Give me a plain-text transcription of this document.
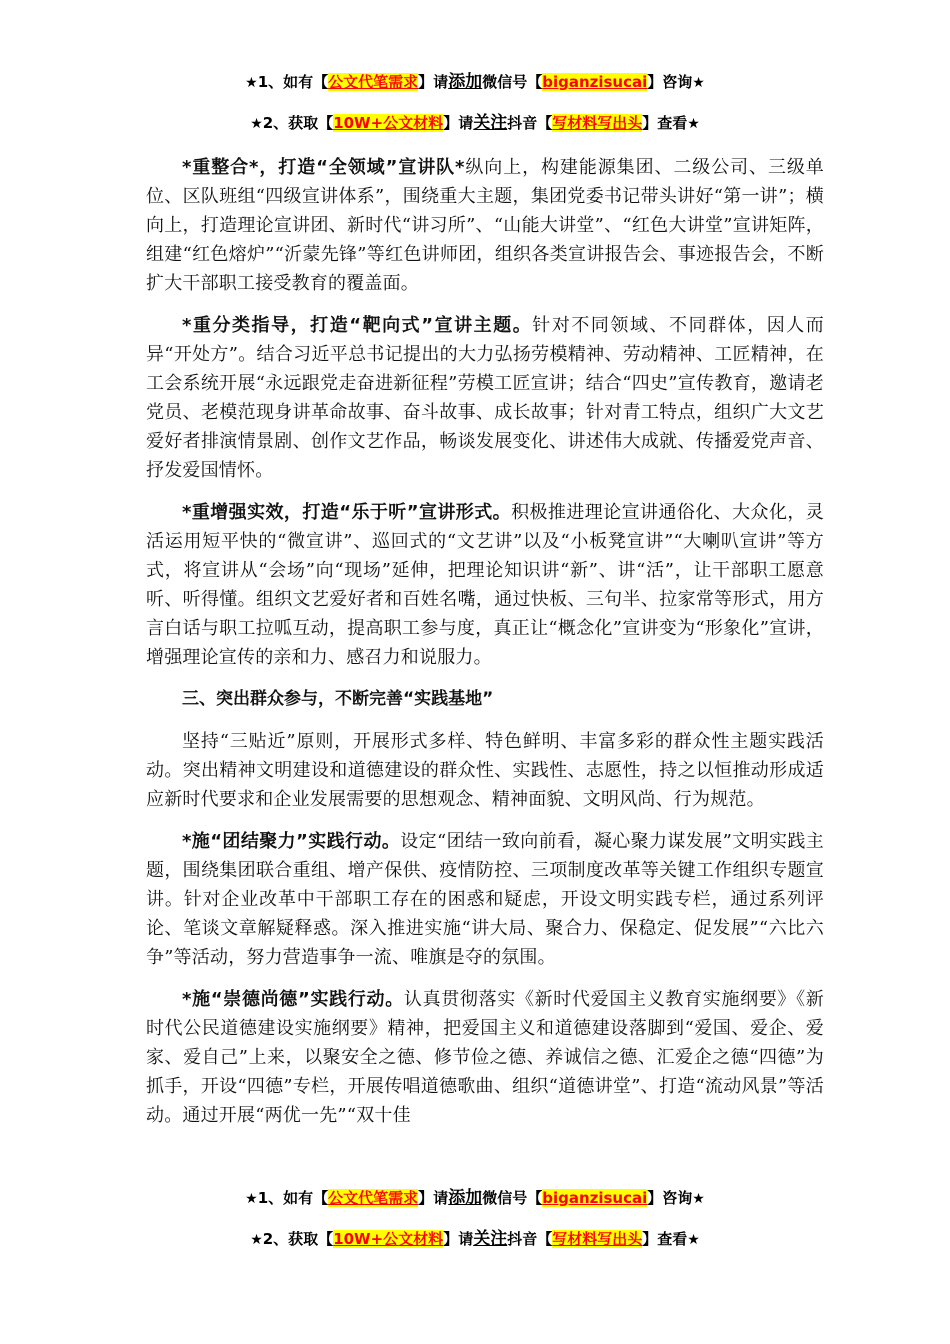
★1、如有【公文代笔需求】请添加微信号【biganzisucai】咨询★
★2、获取【10W+公文材料】请关注抖音【写材料写出头】查看★

*重整合*，打造“全领域”宣讲队*纵向上，构建能源集团、二级公司、三级单位、区队班组“四级宣讲体系”，围绕重大主题，集团党委书记带头讲好“第一讲”；横向上，打造理论宣讲团、新时代“讲习所”、“山能大讲堂”、“红色大讲堂”宣讲矩阵，组建“红色熔炉”“沂蒙先锋”等红色讲师团，组织各类宣讲报告会、事迹报告会，不断扩大干部职工接受教育的覆盖面。

*重分类指导，打造“靶向式”宣讲主题。针对不同领域、不同群体，因人而异“开处方”。结合习近平总书记提出的大力弘扬劳模精神、劳动精神、工匠精神，在工会系统开展“永远跟党走奋进新征程”劳模工匠宣讲；结合“四史”宣传教育，邀请老党员、老模范现身讲革命故事、奋斗故事、成长故事；针对青工特点，组织广大文艺爱好者排演情景剧、创作文艺作品，畅谈发展变化、讲述伟大成就、传播爱党声音、抒发爱国情怀。

*重增强实效，打造“乐于听”宣讲形式。积极推进理论宣讲通俗化、大众化，灵活运用短平快的“微宣讲”、巡回式的“文艺讲”以及“小板凳宣讲”“大喇叭宣讲”等方式，将宣讲从“会场”向“现场”延伸，把理论知识讲“新”、讲“活”，让干部职工愿意听、听得懂。组织文艺爱好者和百姓名嘴，通过快板、三句半、拉家常等形式，用方言白话与职工拉呱互动，提高职工参与度，真正让“概念化”宣讲变为“形象化”宣讲，增强理论宣传的亲和力、感召力和说服力。

三、突出群众参与，不断完善“实践基地”

坚持“三贴近”原则，开展形式多样、特色鲜明、丰富多彩的群众性主题实践活动。突出精神文明建设和道德建设的群众性、实践性、志愿性，持之以恒推动形成适应新时代要求和企业发展需要的思想观念、精神面貌、文明风尚、行为规范。

*施“团结聚力”实践行动。设定“团结一致向前看，凝心聚力谋发展”文明实践主题，围绕集团联合重组、增产保供、疫情防控、三项制度改革等关键工作组织专题宣讲。针对企业改革中干部职工存在的困惑和疑虑，开设文明实践专栏，通过系列评论、笔谈文章解疑释惑。深入推进实施“讲大局、聚合力、保稳定、促发展”“六比六争”等活动，努力营造事争一流、唯旗是夺的氛围。

*施“崇德尚德”实践行动。认真贯彻落实《新时代爱国主义教育实施纲要》《新时代公民道德建设实施纲要》精神，把爱国主义和道德建设落脚到“爱国、爱企、爱家、爱自己”上来，以聚安全之德、修节俭之德、养诚信之德、汇爱企之德“四德”为抓手，开设“四德”专栏，开展传唱道德歌曲、组织“道德讲堂”、打造“流动风景”等活动。通过开展“两优一先”“双十佳

★1、如有【公文代笔需求】请添加微信号【biganzisucai】咨询★
★2、获取【10W+公文材料】请关注抖音【写材料写出头】查看★
